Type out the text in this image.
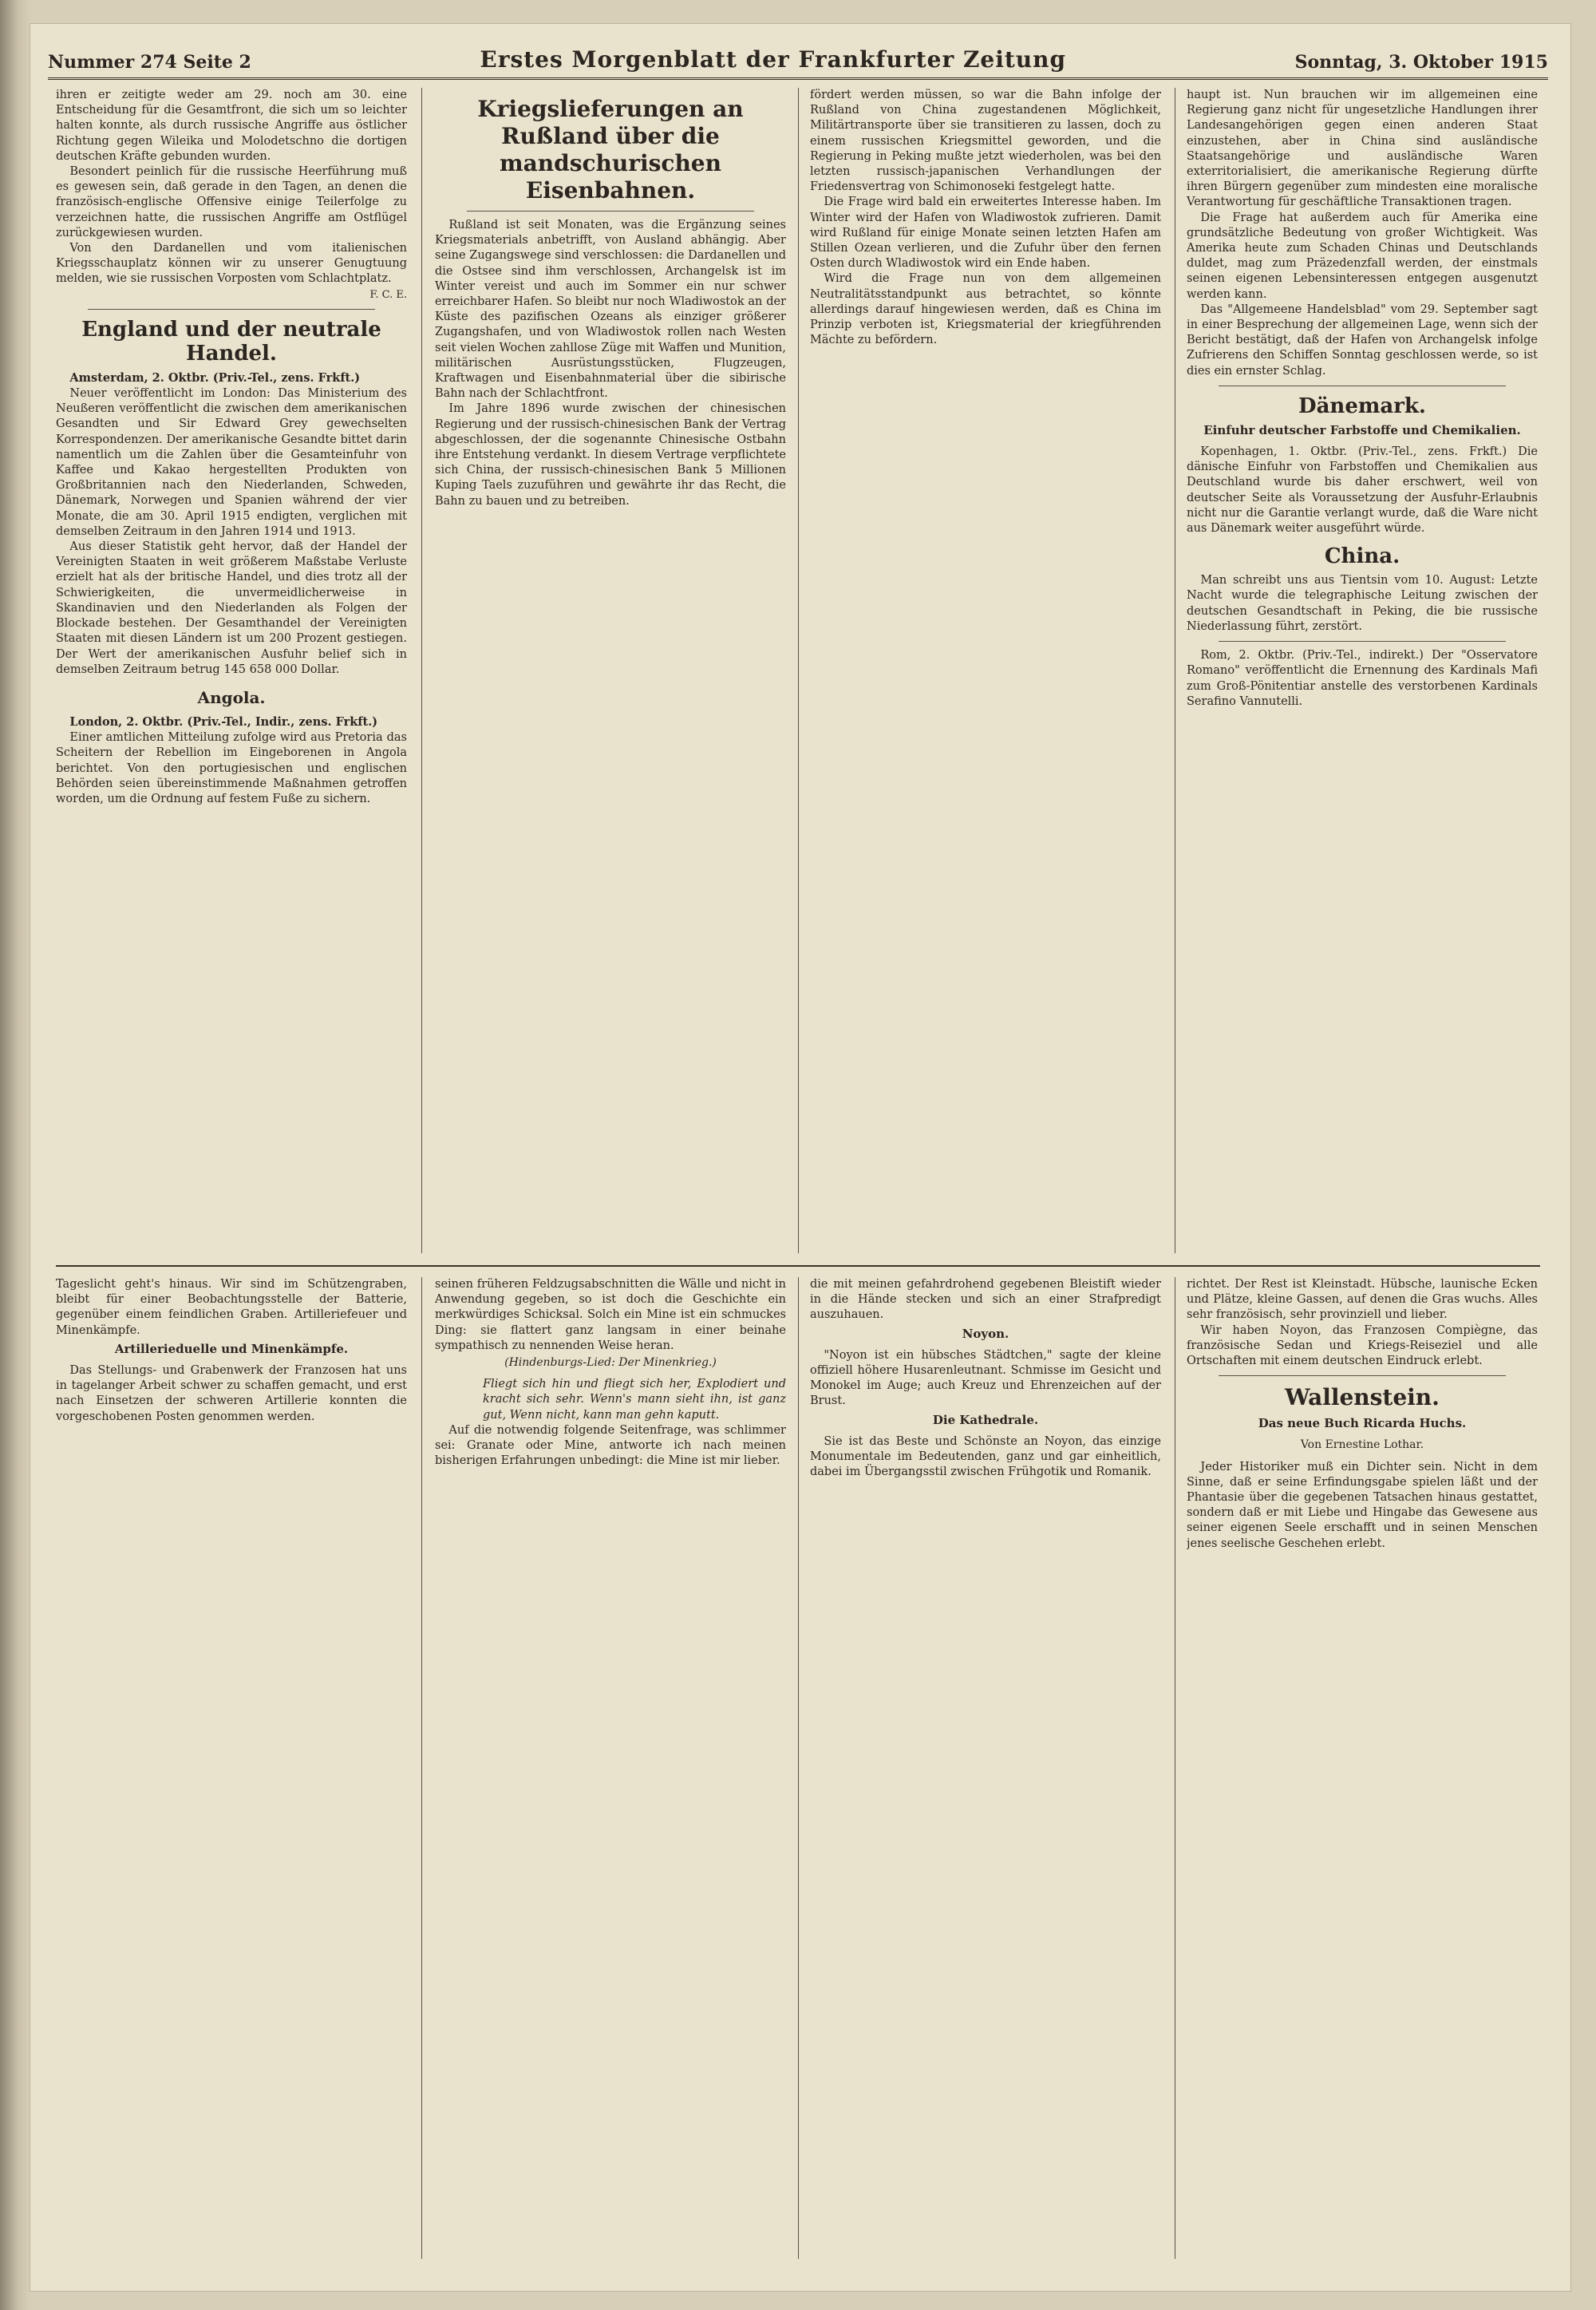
Nummer 274 Seite 2	Erstes Morgenblatt der Frankfurter Zeitung	Sonntag, 3. Oktober 1915

ihren er zeitigte weder am 29. noch am 30. eine Entscheidung für die Gesamtfront, die sich um so leichter halten konnte, als durch russische Angriffe aus östlicher Richtung gegen Wileika und Molodetschno die dortigen deutschen Kräfte gebunden wurden.

Besondert peinlich für die russische Heerführung muß es gewesen sein, daß gerade in den Tagen, an denen die französisch-englische Offensive einige Teilerfolge zu verzeichnen hatte, die russischen Angriffe am Ostflügel zurückgewiesen wurden.

Von den Dardanellen und vom italienischen Kriegsschauplatz können wir zu unserer Genugtuung melden, wie sie russischen Vorposten vom Schlachtplatz.

F. C. E.
England und der neutrale Handel.

Amsterdam, 2. Oktbr. (Priv.-Tel., zens. Frkft.)

Neuer veröffentlicht im London: Das Ministerium des Neußeren veröffentlicht die zwischen dem amerikanischen Gesandten und Sir Edward Grey gewechselten Korrespondenzen. Der amerikanische Gesandte bittet darin namentlich um die Zahlen über die Gesamteinfuhr von Kaffee und Kakao hergestellten Produkten von Großbritannien nach den Niederlanden, Schweden, Dänemark, Norwegen und Spanien während der vier Monate, die am 30. April 1915 endigten, verglichen mit demselben Zeitraum in den Jahren 1914 und 1913.

Aus dieser Statistik geht hervor, daß der Handel der Vereinigten Staaten in weit größerem Maßstabe Verluste erzielt hat als der britische Handel, und dies trotz all der Schwierigkeiten, die unvermeidlicherweise in Skandinavien und den Niederlanden als Folgen der Blockade bestehen. Der Gesamthandel der Vereinigten Staaten mit diesen Ländern ist um 200 Prozent gestiegen. Der Wert der amerikanischen Ausfuhr belief sich in demselben Zeitraum betrug 145 658 000 Dollar.

Angola.

London, 2. Oktbr. (Priv.-Tel., Indir., zens. Frkft.)

Einer amtlichen Mitteilung zufolge wird aus Pretoria das Scheitern der Rebellion im Eingeborenen in Angola berichtet. Von den portugiesischen und englischen Behörden seien übereinstimmende Maßnahmen getroffen worden, um die Ordnung auf festem Fuße zu sichern.

Kriegslieferungen an Rußland über die mandschurischen Eisenbahnen.

Rußland ist seit Monaten, was die Ergänzung seines Kriegsmaterials anbetrifft, von Ausland abhängig. Aber seine Zugangswege sind verschlossen: die Dardanellen und die Ostsee sind ihm verschlossen, Archangelsk ist im Winter vereist und auch im Sommer ein nur schwer erreichbarer Hafen. So bleibt nur noch Wladiwostok an der Küste des pazifischen Ozeans als einziger größerer Zugangshafen, und von Wladiwostok rollen nach Westen seit vielen Wochen zahllose Züge mit Waffen und Munition, militärischen Ausrüstungsstücken, Flugzeugen, Kraftwagen und Eisenbahnmaterial über die sibirische Bahn nach der Schlachtfront.

Im Jahre 1896 wurde zwischen der chinesischen Regierung und der russisch-chinesischen Bank der Vertrag abgeschlossen, der die sogenannte Chinesische Ostbahn ihre Entstehung verdankt. In diesem Vertrage verpflichtete sich China, der russisch-chinesischen Bank 5 Millionen Kuping Taels zuzuführen und gewährte ihr das Recht, die Bahn zu bauen und zu betreiben.

fördert werden müssen, so war die Bahn infolge der Rußland von China zugestandenen Möglichkeit, Militärtransporte über sie transitieren zu lassen, doch zu einem russischen Kriegsmittel geworden, und die Regierung in Peking mußte jetzt wiederholen, was bei den letzten russisch-japanischen Verhandlungen der Friedensvertrag von Schimonoseki festgelegt hatte.

Die Frage wird bald ein erweitertes Interesse haben. Im Winter wird der Hafen von Wladiwostok zufrieren. Damit wird Rußland für einige Monate seinen letzten Hafen am Stillen Ozean verlieren, und die Zufuhr über den fernen Osten durch Wladiwostok wird ein Ende haben.

Wird die Frage nun von dem allgemeinen Neutralitätsstandpunkt aus betrachtet, so könnte allerdings darauf hingewiesen werden, daß es China im Prinzip verboten ist, Kriegsmaterial der kriegführenden Mächte zu befördern.

haupt ist. Nun brauchen wir im allgemeinen eine Regierung ganz nicht für ungesetzliche Handlungen ihrer Landesangehörigen gegen einen anderen Staat einzustehen, aber in China sind ausländische Staatsangehörige und ausländische Waren exterritorialisiert, die amerikanische Regierung dürfte ihren Bürgern gegenüber zum mindesten eine moralische Verantwortung für geschäftliche Transaktionen tragen.

Die Frage hat außerdem auch für Amerika eine grundsätzliche Bedeutung von großer Wichtigkeit. Was Amerika heute zum Schaden Chinas und Deutschlands duldet, mag zum Präzedenzfall werden, der einstmals seinen eigenen Lebensinteressen entgegen ausgenutzt werden kann.

Das "Allgemeene Handelsblad" vom 29. September sagt in einer Besprechung der allgemeinen Lage, wenn sich der Bericht bestätigt, daß der Hafen von Archangelsk infolge Zufrierens den Schiffen Sonntag geschlossen werde, so ist dies ein ernster Schlag.

Dänemark.
Einfuhr deutscher Farbstoffe und Chemikalien.

Kopenhagen, 1. Oktbr. (Priv.-Tel., zens. Frkft.) Die dänische Einfuhr von Farbstoffen und Chemikalien aus Deutschland wurde bis daher erschwert, weil von deutscher Seite als Voraussetzung der Ausfuhr-Erlaubnis nicht nur die Garantie verlangt wurde, daß die Ware nicht aus Dänemark weiter ausgeführt würde.

China.

Man schreibt uns aus Tientsin vom 10. August: Letzte Nacht wurde die telegraphische Leitung zwischen der deutschen Gesandtschaft in Peking, die bie russische Niederlassung führt, zerstört.

Rom, 2. Oktbr. (Priv.-Tel., indirekt.) Der "Osservatore Romano" veröffentlicht die Ernennung des Kardinals Mafi zum Groß-Pönitentiar anstelle des verstorbenen Kardinals Serafino Vannutelli.

Tageslicht geht's hinaus. Wir sind im Schützengraben, bleibt für einer Beobachtungsstelle der Batterie, gegenüber einem feindlichen Graben. Artilleriefeuer und Minenkämpfe.

Artillerieduelle und Minenkämpfe.

Das Stellungs- und Grabenwerk der Franzosen hat uns in tagelanger Arbeit schwer zu schaffen gemacht, und erst nach Einsetzen der schweren Artillerie konnten die vorgeschobenen Posten genommen werden.

seinen früheren Feldzugsabschnitten die Wälle und nicht in Anwendung gegeben, so ist doch die Geschichte ein merkwürdiges Schicksal. Solch ein Mine ist ein schmuckes Ding: sie flattert ganz langsam in einer beinahe sympathisch zu nennenden Weise heran.

(Hindenburgs-Lied: Der Minenkrieg.)

Fliegt sich hin und fliegt sich her, Explodiert und kracht sich sehr. Wenn's mann sieht ihn, ist ganz gut, Wenn nicht, kann man gehn kaputt.

Auf die notwendig folgende Seitenfrage, was schlimmer sei: Granate oder Mine, antworte ich nach meinen bisherigen Erfahrungen unbedingt: die Mine ist mir lieber.

die mit meinen gefahrdrohend gegebenen Bleistift wieder in die Hände stecken und sich an einer Strafpredigt auszuhauen.

Noyon.

"Noyon ist ein hübsches Städtchen," sagte der kleine offiziell höhere Husarenleutnant. Schmisse im Gesicht und Monokel im Auge; auch Kreuz und Ehrenzeichen auf der Brust.

Die Kathedrale.

Sie ist das Beste und Schönste an Noyon, das einzige Monumentale im Bedeutenden, ganz und gar einheitlich, dabei im Übergangsstil zwischen Frühgotik und Romanik.

richtet. Der Rest ist Kleinstadt. Hübsche, launische Ecken und Plätze, kleine Gassen, auf denen die Gras wuchs. Alles sehr französisch, sehr provinziell und lieber.

Wir haben Noyon, das Franzosen Compiègne, das französische Sedan und Kriegs-Reiseziel und alle Ortschaften mit einem deutschen Eindruck erlebt.

Wallenstein.
Das neue Buch Ricarda Huchs.
Von Ernestine Lothar.

Jeder Historiker muß ein Dichter sein. Nicht in dem Sinne, daß er seine Erfindungsgabe spielen läßt und der Phantasie über die gegebenen Tatsachen hinaus gestattet, sondern daß er mit Liebe und Hingabe das Gewesene aus seiner eigenen Seele erschafft und in seinen Menschen jenes seelische Geschehen erlebt.
